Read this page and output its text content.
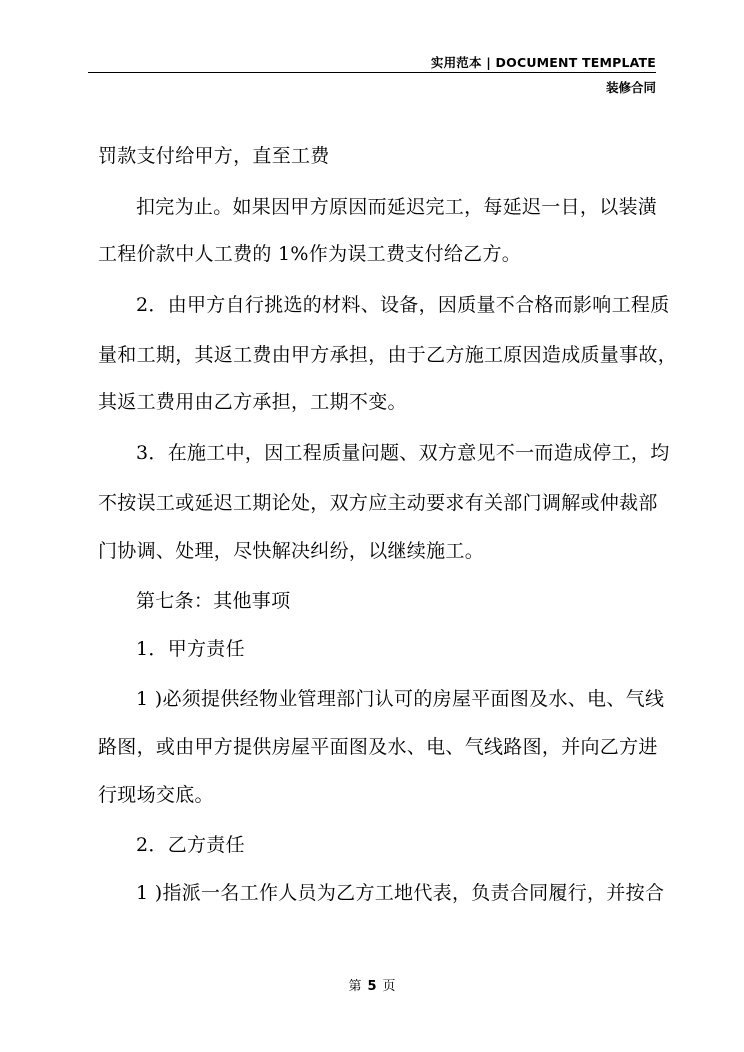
实用范本 | DOCUMENT TEMPLATE
装修合同
罚款支付给甲方，直至工费
扣完为止。如果因甲方原因而延迟完工，每延迟一日，以装潢
工程价款中人工费的 1%作为误工费支付给乙方。
2．由甲方自行挑选的材料、设备，因质量不合格而影响工程质
量和工期，其返工费由甲方承担，由于乙方施工原因造成质量事故，
其返工费用由乙方承担，工期不变。
3．在施工中，因工程质量问题、双方意见不一而造成停工，均
不按误工或延迟工期论处，双方应主动要求有关部门调解或仲裁部
门协调、处理，尽快解决纠纷，以继续施工。
第七条：其他事项
1．甲方责任
1 )必须提供经物业管理部门认可的房屋平面图及水、电、气线
路图，或由甲方提供房屋平面图及水、电、气线路图，并向乙方进
行现场交底。
2．乙方责任
1 )指派一名工作人员为乙方工地代表，负责合同履行，并按合
第 5 页
